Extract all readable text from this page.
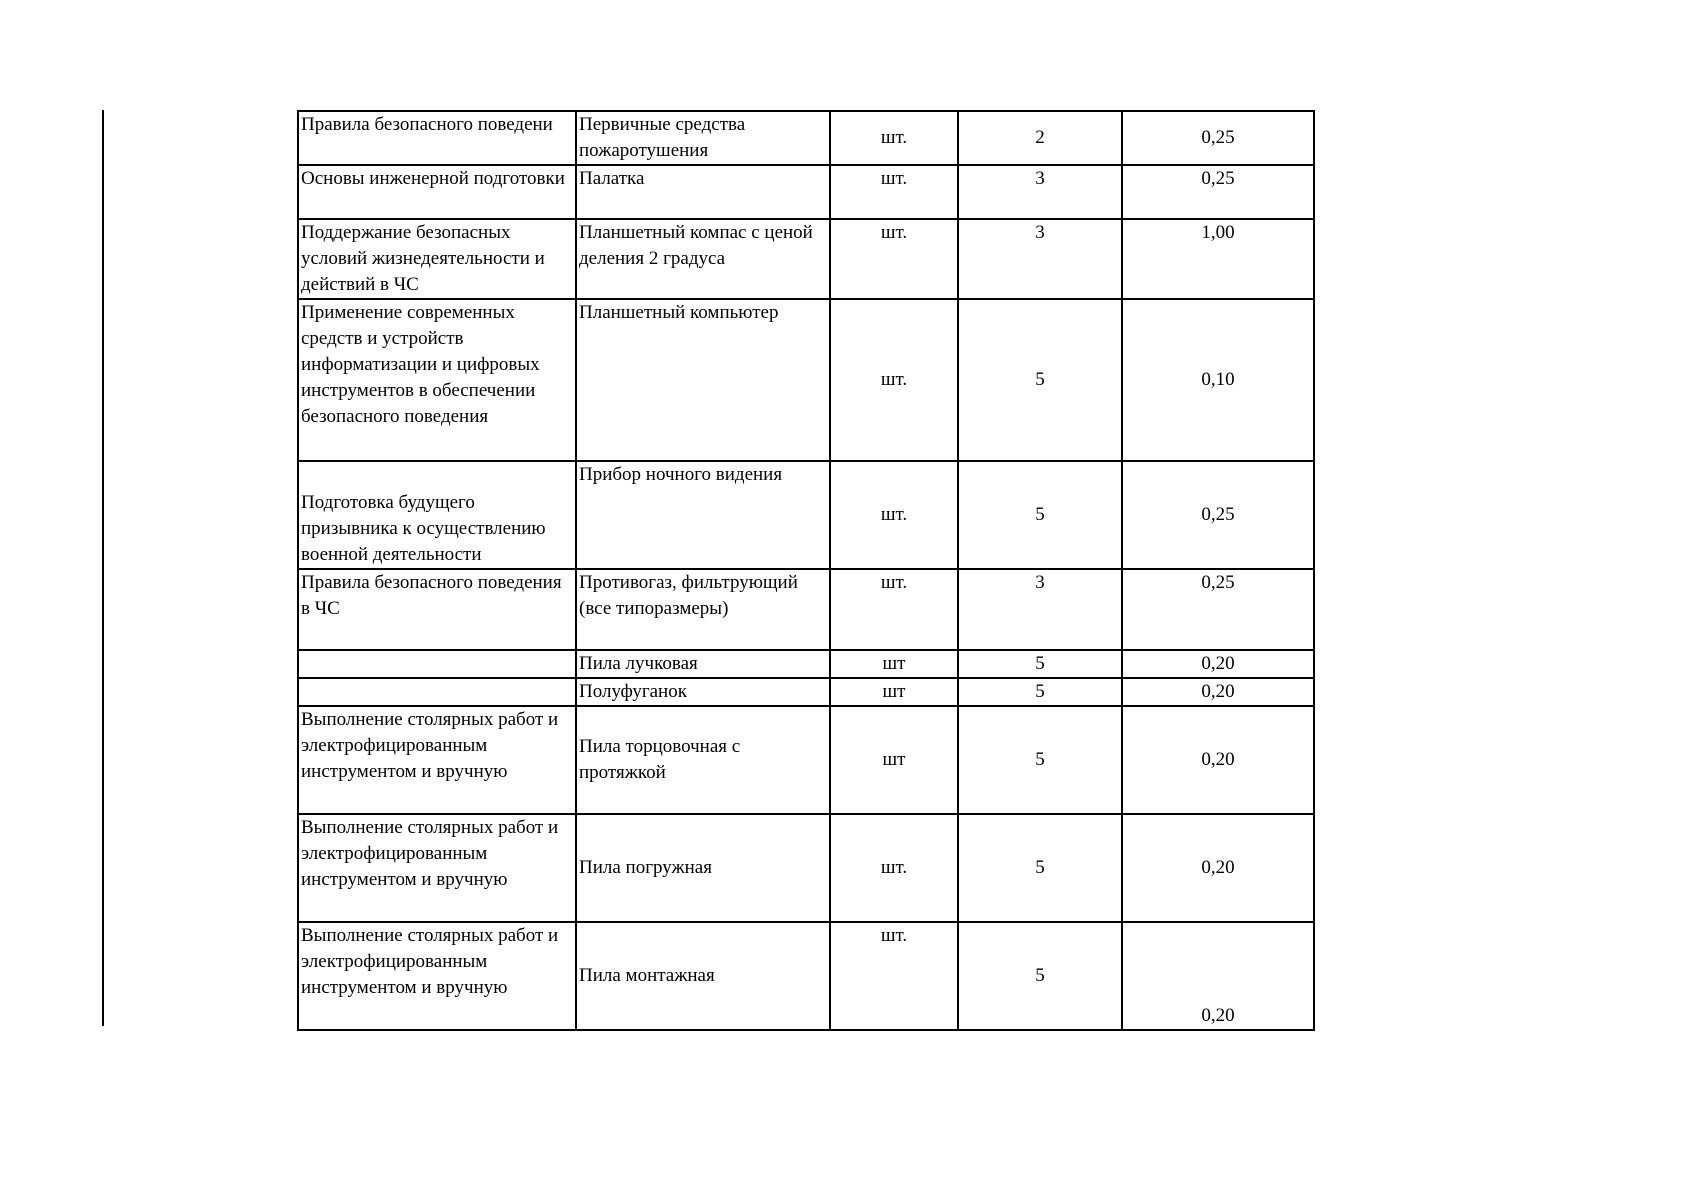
Правила безопасного поведени	Первичные средства пожаротушения	шт.	2	0,25
Основы инженерной подготовки	Палатка	шт.	3	0,25
Поддержание безопасных условий жизнедеятельности и действий в ЧС	Планшетный компас с ценой деления 2 градуса	шт.	3	1,00
Применение современных средств и устройств информатизации и цифровых инструментов в обеспечении безопасного поведения	Планшетный компьютер	шт.	5	0,10
Подготовка будущего призывника к осуществлению военной деятельности	Прибор ночного видения	шт.	5	0,25
Правила безопасного поведения в ЧС	Противогаз, фильтрующий (все типоразмеры)	шт.	3	0,25
	Пила лучковая	шт	5	0,20
	Полуфуганок	шт	5	0,20
Выполнение столярных работ и электрофицированным инструментом и вручную	Пила торцовочная с протяжкой	шт	5	0,20
Выполнение столярных работ и электрофицированным инструментом и вручную	Пила погружная	шт.	5	0,20
Выполнение столярных работ и электрофицированным инструментом и вручную	Пила монтажная	шт.	5	0,20
